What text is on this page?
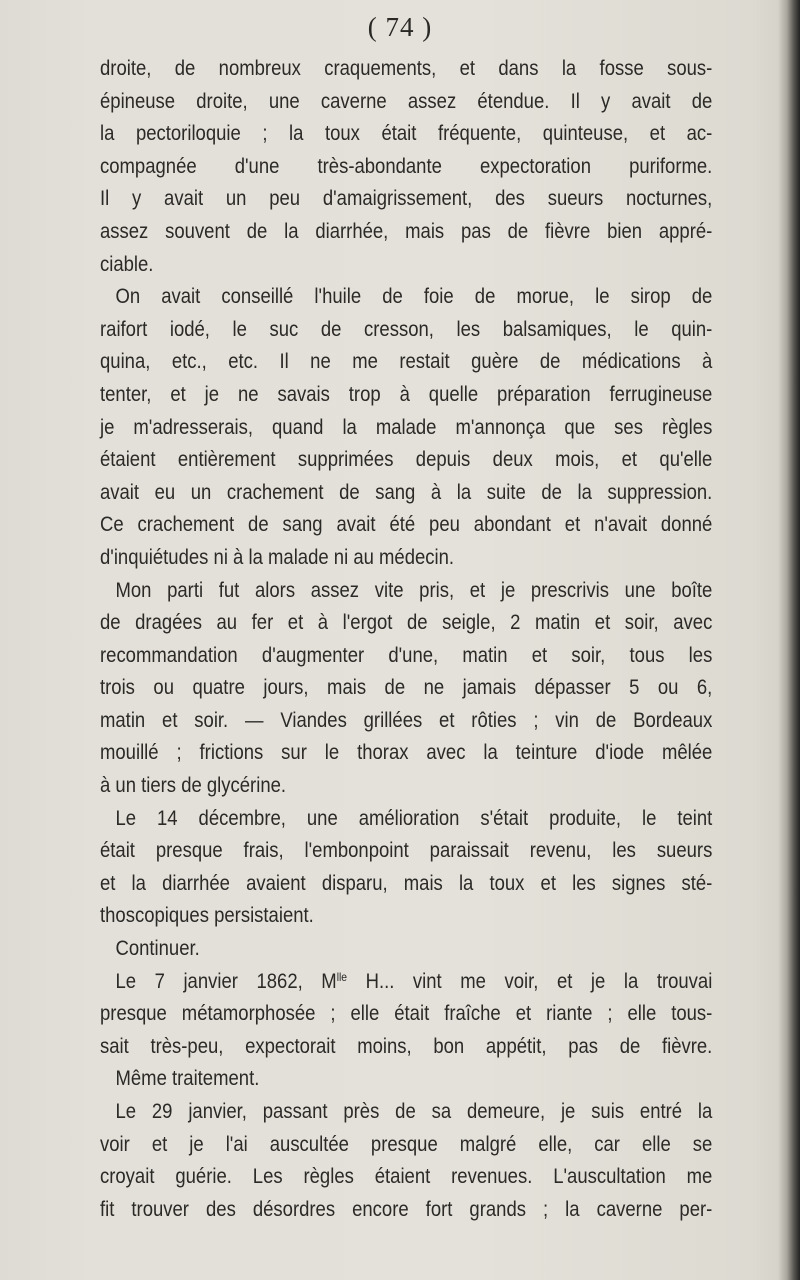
( 74 )
droite, de nombreux craquements, et dans la fosse sous-
épineuse droite, une caverne assez étendue. Il y avait de
la pectoriloquie ; la toux était fréquente, quinteuse, et ac-
compagnée d'une très-abondante expectoration puriforme.
Il y avait un peu d'amaigrissement, des sueurs nocturnes,
assez souvent de la diarrhée, mais pas de fièvre bien appré-
ciable.
On avait conseillé l'huile de foie de morue, le sirop de
raifort iodé, le suc de cresson, les balsamiques, le quin-
quina, etc., etc. Il ne me restait guère de médications à
tenter, et je ne savais trop à quelle préparation ferrugineuse
je m'adresserais, quand la malade m'annonça que ses règles
étaient entièrement supprimées depuis deux mois, et qu'elle
avait eu un crachement de sang à la suite de la suppression.
Ce crachement de sang avait été peu abondant et n'avait donné
d'inquiétudes ni à la malade ni au médecin.
Mon parti fut alors assez vite pris, et je prescrivis une boîte
de dragées au fer et à l'ergot de seigle, 2 matin et soir, avec
recommandation d'augmenter d'une, matin et soir, tous les
trois ou quatre jours, mais de ne jamais dépasser 5 ou 6,
matin et soir. — Viandes grillées et rôties ; vin de Bordeaux
mouillé ; frictions sur le thorax avec la teinture d'iode mêlée
à un tiers de glycérine.
Le 14 décembre, une amélioration s'était produite, le teint
était presque frais, l'embonpoint paraissait revenu, les sueurs
et la diarrhée avaient disparu, mais la toux et les signes sté-
thoscopiques persistaient.
Continuer.
Le 7 janvier 1862, $M^{lle}$ H... vint me voir, et je la trouvai
presque métamorphosée ; elle était fraîche et riante ; elle tous-
sait très-peu, expectorait moins, bon appétit, pas de fièvre.
Même traitement.
Le 29 janvier, passant près de sa demeure, je suis entré la
voir et je l'ai auscultée presque malgré elle, car elle se
croyait guérie. Les règles étaient revenues. L'auscultation me
fit trouver des désordres encore fort grands ; la caverne per-
